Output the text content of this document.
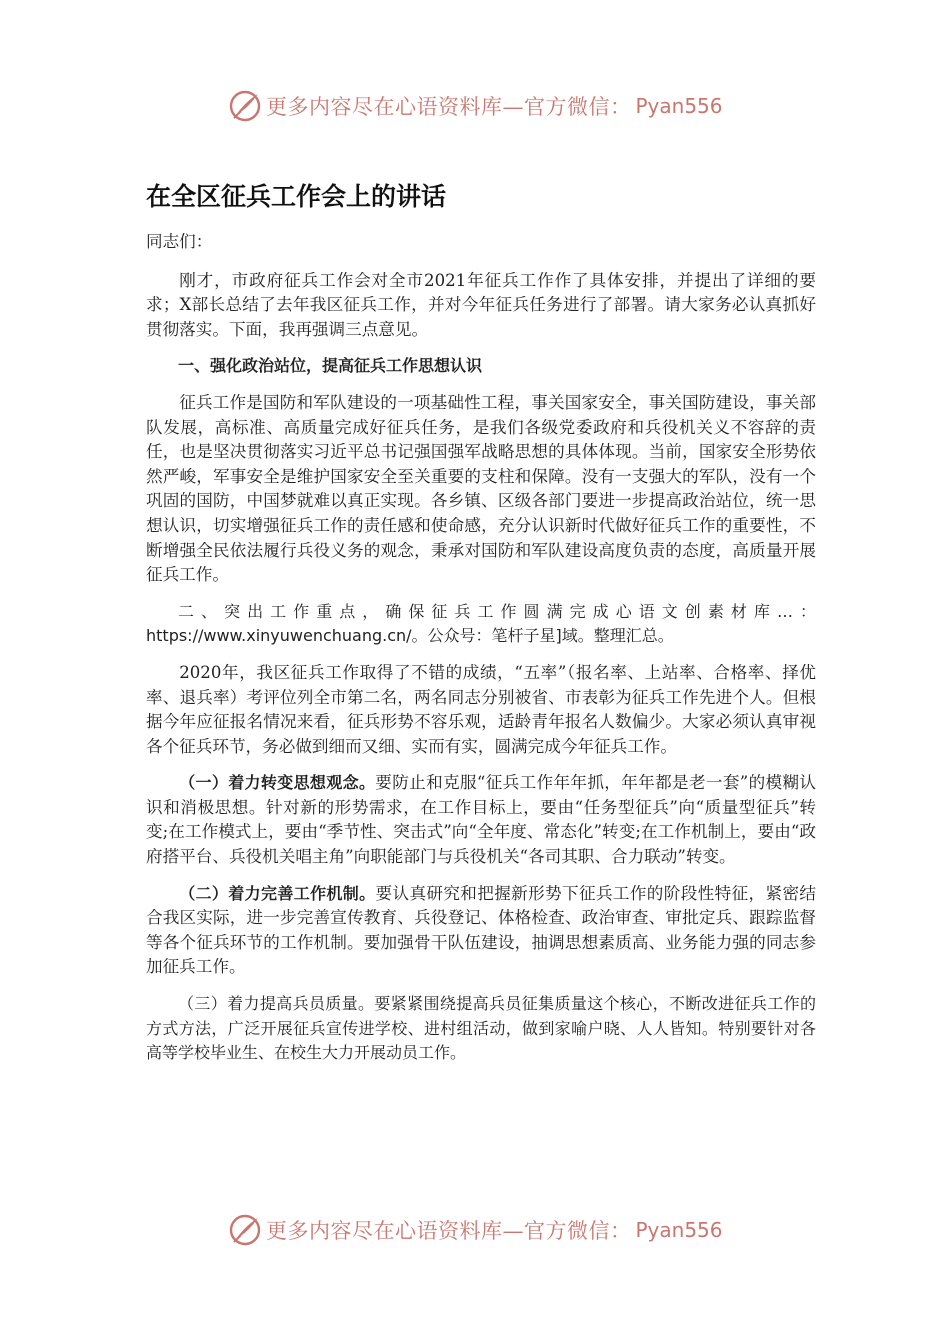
更多内容尽在心语资料库—官方微信： Pyan556
在全区征兵工作会上的讲话

同志们：

刚才，市政府征兵工作会对全市2021年征兵工作作了具体安排，并提出了详细的要求；X部长总结了去年我区征兵工作，并对今年征兵任务进行了部署。请大家务必认真抓好贯彻落实。下面，我再强调三点意见。

一、强化政治站位，提高征兵工作思想认识

征兵工作是国防和军队建设的一项基础性工程，事关国家安全，事关国防建设，事关部队发展，高标准、高质量完成好征兵任务，是我们各级党委政府和兵役机关义不容辞的责任，也是坚决贯彻落实习近平总书记强国强军战略思想的具体体现。当前，国家安全形势依然严峻，军事安全是维护国家安全至关重要的支柱和保障。没有一支强大的军队，没有一个巩固的国防，中国梦就难以真正实现。各乡镇、区级各部门要进一步提高政治站位，统一思想认识，切实增强征兵工作的责任感和使命感，充分认识新时代做好征兵工作的重要性，不断增强全民依法履行兵役义务的观念，秉承对国防和军队建设高度负责的态度，高质量开展征兵工作。

二、突出工作重点，确保征兵工作圆满完成心语文创素材库…：https://www.xinyuwenchuang.cn/。公众号：笔杆子星]域。整理汇总。

2020年，我区征兵工作取得了不错的成绩，“五率”（报名率、上站率、合格率、择优率、退兵率）考评位列全市第二名，两名同志分别被省、市表彰为征兵工作先进个人。但根据今年应征报名情况来看，征兵形势不容乐观，适龄青年报名人数偏少。大家必须认真审视各个征兵环节，务必做到细而又细、实而有实，圆满完成今年征兵工作。

（一）着力转变思想观念。要防止和克服“征兵工作年年抓，年年都是老一套”的模糊认识和消极思想。针对新的形势需求，在工作目标上，要由“任务型征兵”向“质量型征兵”转变;在工作模式上，要由“季节性、突击式”向“全年度、常态化”转变;在工作机制上，要由“政府搭平台、兵役机关唱主角”向职能部门与兵役机关“各司其职、合力联动”转变。

（二）着力完善工作机制。要认真研究和把握新形势下征兵工作的阶段性特征，紧密结合我区实际，进一步完善宣传教育、兵役登记、体格检查、政治审查、审批定兵、跟踪监督等各个征兵环节的工作机制。要加强骨干队伍建设，抽调思想素质高、业务能力强的同志参加征兵工作。

（三）着力提高兵员质量。要紧紧围绕提高兵员征集质量这个核心，不断改进征兵工作的方式方法，广泛开展征兵宣传进学校、进村组活动，做到家喻户晓、人人皆知。特别要针对各高等学校毕业生、在校生大力开展动员工作。

更多内容尽在心语资料库—官方微信： Pyan556
